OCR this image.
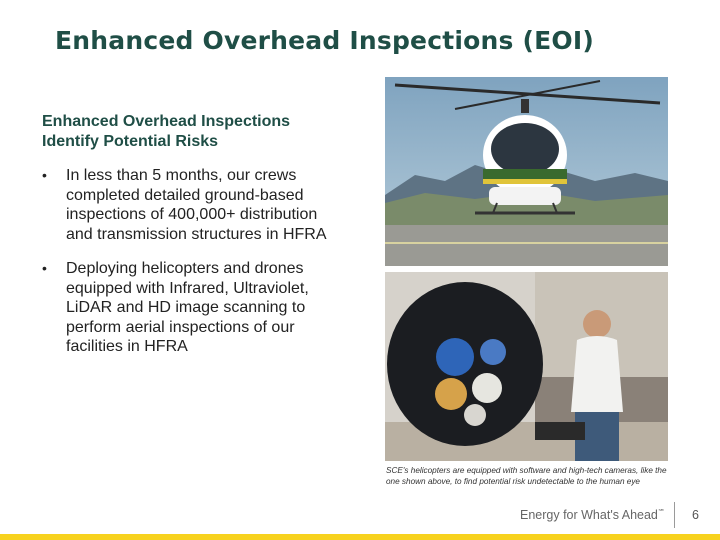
Enhanced Overhead Inspections (EOI)
Enhanced Overhead Inspections
Identify Potential Risks
• In less than 5 months, our crews completed detailed ground-based inspections of 400,000+ distribution and transmission structures in HFRA
• Deploying helicopters and drones equipped with Infrared, Ultraviolet, LiDAR and HD image scanning to perform aerial inspections of our facilities in HFRA
SCE's helicopters are equipped with software and high-tech cameras, like the one shown above, to find potential risk undetectable to the human eye
Energy for What's Ahead℠ 6
